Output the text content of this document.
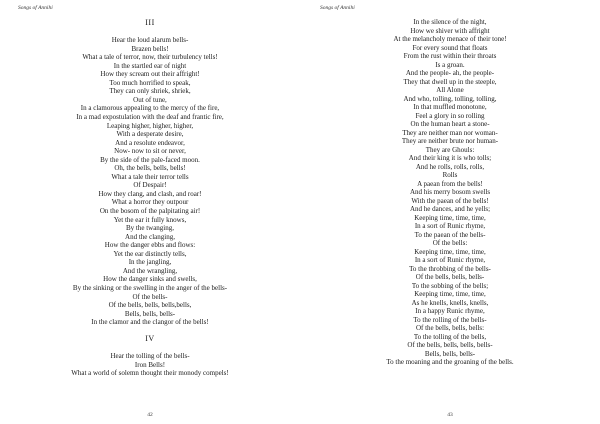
Songs of Annihi
III
Hear the loud alarum bells-
Brazen bells!
What a tale of terror, now, their turbulency tells!
In the startled ear of night
How they scream out their affright!
Too much horrified to speak,
They can only shriek, shriek,
Out of tune,
In a clamorous appealing to the mercy of the fire,
In a mad expostulation with the deaf and frantic fire,
Leaping higher, higher, higher,
With a desperate desire,
And a resolute endeavor,
Now- now to sit or never,
By the side of the pale-faced moon.
Oh, the bells, bells, bells!
What a tale their terror tells
Of Despair!
How they clang, and clash, and roar!
What a horror they outpour
On the bosom of the palpitating air!
Yet the ear it fully knows,
By the twanging,
And the clanging,
How the danger ebbs and flows:
Yet the ear distinctly tells,
In the jangling,
And the wrangling,
How the danger sinks and swells,
By the sinking or the swelling in the anger of the bells-
Of the bells-
Of the bells, bells, bells,bells,
Bells, bells, bells-
In the clamor and the clangor of the bells!
IV
Hear the tolling of the bells-
Iron Bells!
What a world of solemn thought their monody compels!
42
Songs of Annihi
In the silence of the night,
How we shiver with affright
At the melancholy menace of their tone!
For every sound that floats
From the rust within their throats
Is a groan.
And the people- ah, the people-
They that dwell up in the steeple,
All Alone
And who, tolling, tolling, tolling,
In that muffled monotone,
Feel a glory in so rolling
On the human heart a stone-
They are neither man nor woman-
They are neither brute nor human-
They are Ghouls:
And their king it is who tolls;
And he rolls, rolls, rolls,
Rolls
A paean from the bells!
And his merry bosom swells
With the paean of the bells!
And he dances, and he yells;
Keeping time, time, time,
In a sort of Runic rhyme,
To the paean of the bells-
Of the bells:
Keeping time, time, time,
In a sort of Runic rhyme,
To the throbbing of the bells-
Of the bells, bells, bells-
To the sobbing of the bells;
Keeping time, time, time,
As he knells, knells, knells,
In a happy Runic rhyme,
To the rolling of the bells-
Of the bells, bells, bells:
To the tolling of the bells,
Of the bells, bells, bells, bells-
Bells, bells, bells-
To the moaning and the groaning of the bells.
43
